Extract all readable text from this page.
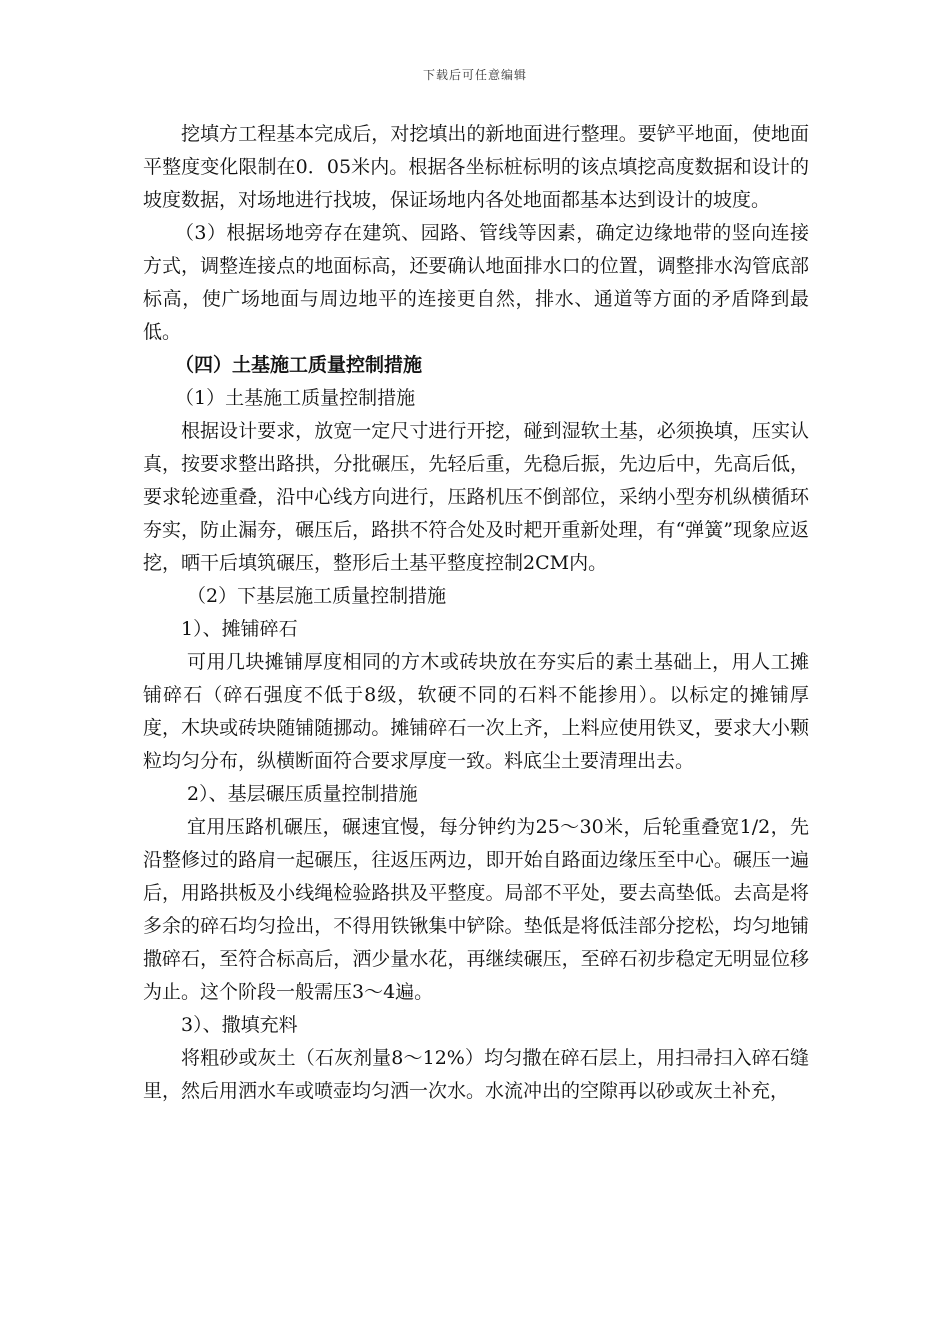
下载后可任意编辑

挖填方工程基本完成后，对挖填出的新地面进行整理。要铲平地面，使地面平整度变化限制在0．05米内。根据各坐标桩标明的该点填挖高度数据和设计的坡度数据，对场地进行找坡，保证场地内各处地面都基本达到设计的坡度。

（3）根据场地旁存在建筑、园路、管线等因素，确定边缘地带的竖向连接方式，调整连接点的地面标高，还要确认地面排水口的位置，调整排水沟管底部标高，使广场地面与周边地平的连接更自然，排水、通道等方面的矛盾降到最低。

（四）土基施工质量控制措施

（1）土基施工质量控制措施

根据设计要求，放宽一定尺寸进行开挖，碰到湿软土基，必须换填，压实认真，按要求整出路拱，分批碾压，先轻后重，先稳后振，先边后中，先高后低，要求轮迹重叠，沿中心线方向进行，压路机压不倒部位，采纳小型夯机纵横循环夯实，防止漏夯，碾压后，路拱不符合处及时耙开重新处理，有“弹簧”现象应返挖，晒干后填筑碾压，整形后土基平整度控制2CM内。

（2）下基层施工质量控制措施

1）、摊铺碎石

可用几块摊铺厚度相同的方木或砖块放在夯实后的素土基础上，用人工摊铺碎石（碎石强度不低于8级，软硬不同的石料不能掺用）。以标定的摊铺厚度，木块或砖块随铺随挪动。摊铺碎石一次上齐，上料应使用铁叉，要求大小颗粒均匀分布，纵横断面符合要求厚度一致。料底尘土要清理出去。

2）、基层碾压质量控制措施

宜用压路机碾压，碾速宜慢，每分钟约为25～30米，后轮重叠宽1/2，先沿整修过的路肩一起碾压，往返压两边，即开始自路面边缘压至中心。碾压一遍后，用路拱板及小线绳检验路拱及平整度。局部不平处，要去高垫低。去高是将多余的碎石均匀捡出，不得用铁锹集中铲除。垫低是将低洼部分挖松，均匀地铺撒碎石，至符合标高后，洒少量水花，再继续碾压，至碎石初步稳定无明显位移为止。这个阶段一般需压3～4遍。

3）、撒填充料

将粗砂或灰土（石灰剂量8～12%）均匀撒在碎石层上，用扫帚扫入碎石缝里，然后用洒水车或喷壶均匀洒一次水。水流冲出的空隙再以砂或灰土补充，
